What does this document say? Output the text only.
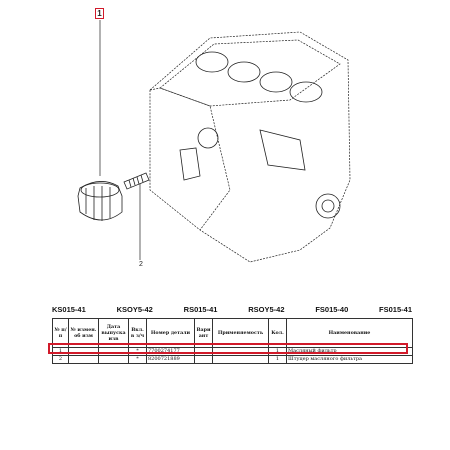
1
2
KS015-41	KSOY5-42	RS015-41	RSOY5-42	FS015-40	FS015-41
№ п/п	№ измен. об изм	Дата выпуска изв	Вкл. в з/ч	Номер детали	Вари ант	Применяемость	Кол.	Наименование
1			*	7700274177			1	Масляный фильтр
2			*	8200721889			1	Штуцер масляного фильтра
